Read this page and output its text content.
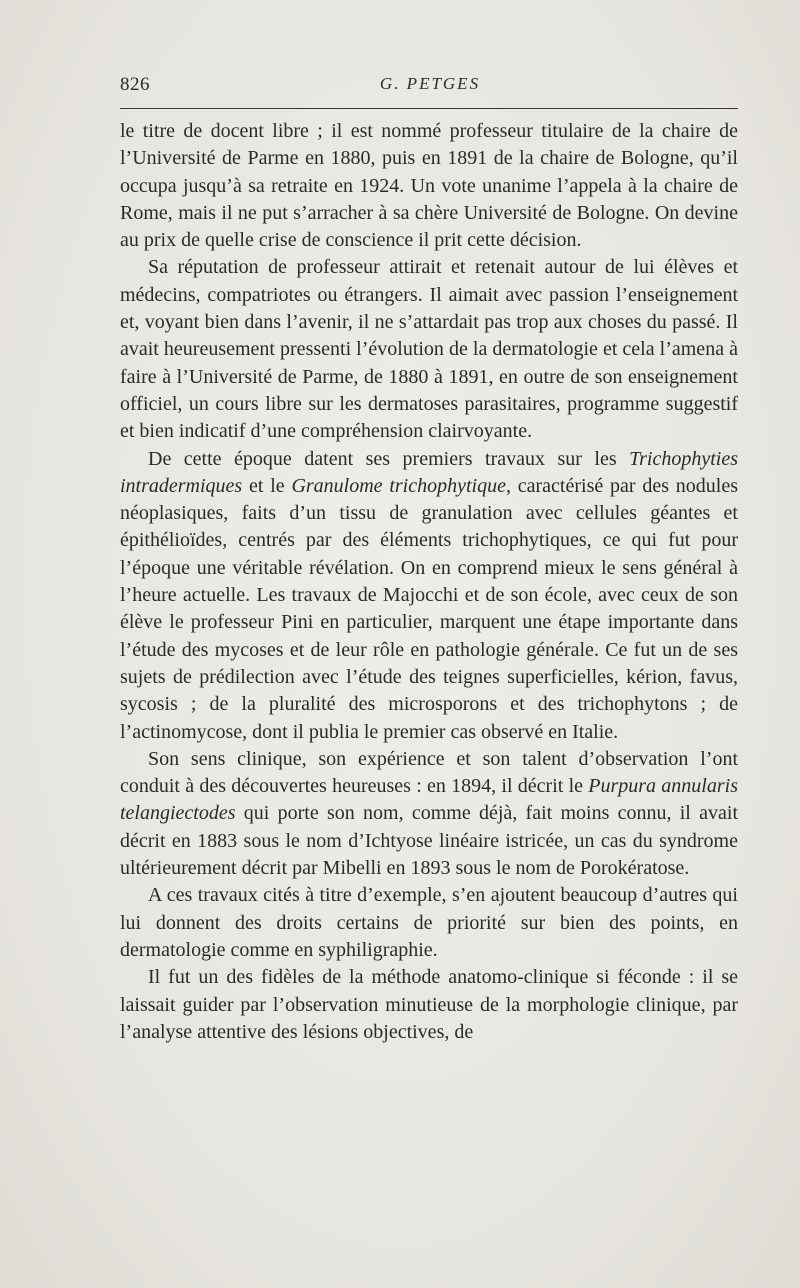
826	G. PETGES

le titre de docent libre ; il est nommé professeur titulaire de la chaire de l’Université de Parme en 1880, puis en 1891 de la chaire de Bologne, qu’il occupa jusqu’à sa retraite en 1924. Un vote unanime l’appela à la chaire de Rome, mais il ne put s’arracher à sa chère Université de Bologne. On devine au prix de quelle crise de conscience il prit cette décision.

Sa réputation de professeur attirait et retenait autour de lui élèves et médecins, compatriotes ou étrangers. Il aimait avec passion l’enseignement et, voyant bien dans l’avenir, il ne s’attardait pas trop aux choses du passé. Il avait heureusement pressenti l’évolution de la dermatologie et cela l’amena à faire à l’Université de Parme, de 1880 à 1891, en outre de son enseignement officiel, un cours libre sur les dermatoses parasitaires, programme suggestif et bien indicatif d’une compréhension clairvoyante.

De cette époque datent ses premiers travaux sur les Trichophyties intradermiques et le Granulome trichophytique, caractérisé par des nodules néoplasiques, faits d’un tissu de granulation avec cellules géantes et épithélioïdes, centrés par des éléments trichophytiques, ce qui fut pour l’époque une véritable révélation. On en comprend mieux le sens général à l’heure actuelle. Les travaux de Majocchi et de son école, avec ceux de son élève le professeur Pini en particulier, marquent une étape importante dans l’étude des mycoses et de leur rôle en pathologie générale. Ce fut un de ses sujets de prédilection avec l’étude des teignes superficielles, kérion, favus, sycosis ; de la pluralité des microsporons et des trichophytons ; de l’actinomycose, dont il publia le premier cas observé en Italie.

Son sens clinique, son expérience et son talent d’observation l’ont conduit à des découvertes heureuses : en 1894, il décrit le Purpura annularis telangiectodes qui porte son nom, comme déjà, fait moins connu, il avait décrit en 1883 sous le nom d’Ichtyose linéaire istricée, un cas du syndrome ultérieurement décrit par Mibelli en 1893 sous le nom de Porokératose.

A ces travaux cités à titre d’exemple, s’en ajoutent beaucoup d’autres qui lui donnent des droits certains de priorité sur bien des points, en dermatologie comme en syphiligraphie.

Il fut un des fidèles de la méthode anatomo-clinique si féconde : il se laissait guider par l’observation minutieuse de la morphologie clinique, par l’analyse attentive des lésions objectives, de
